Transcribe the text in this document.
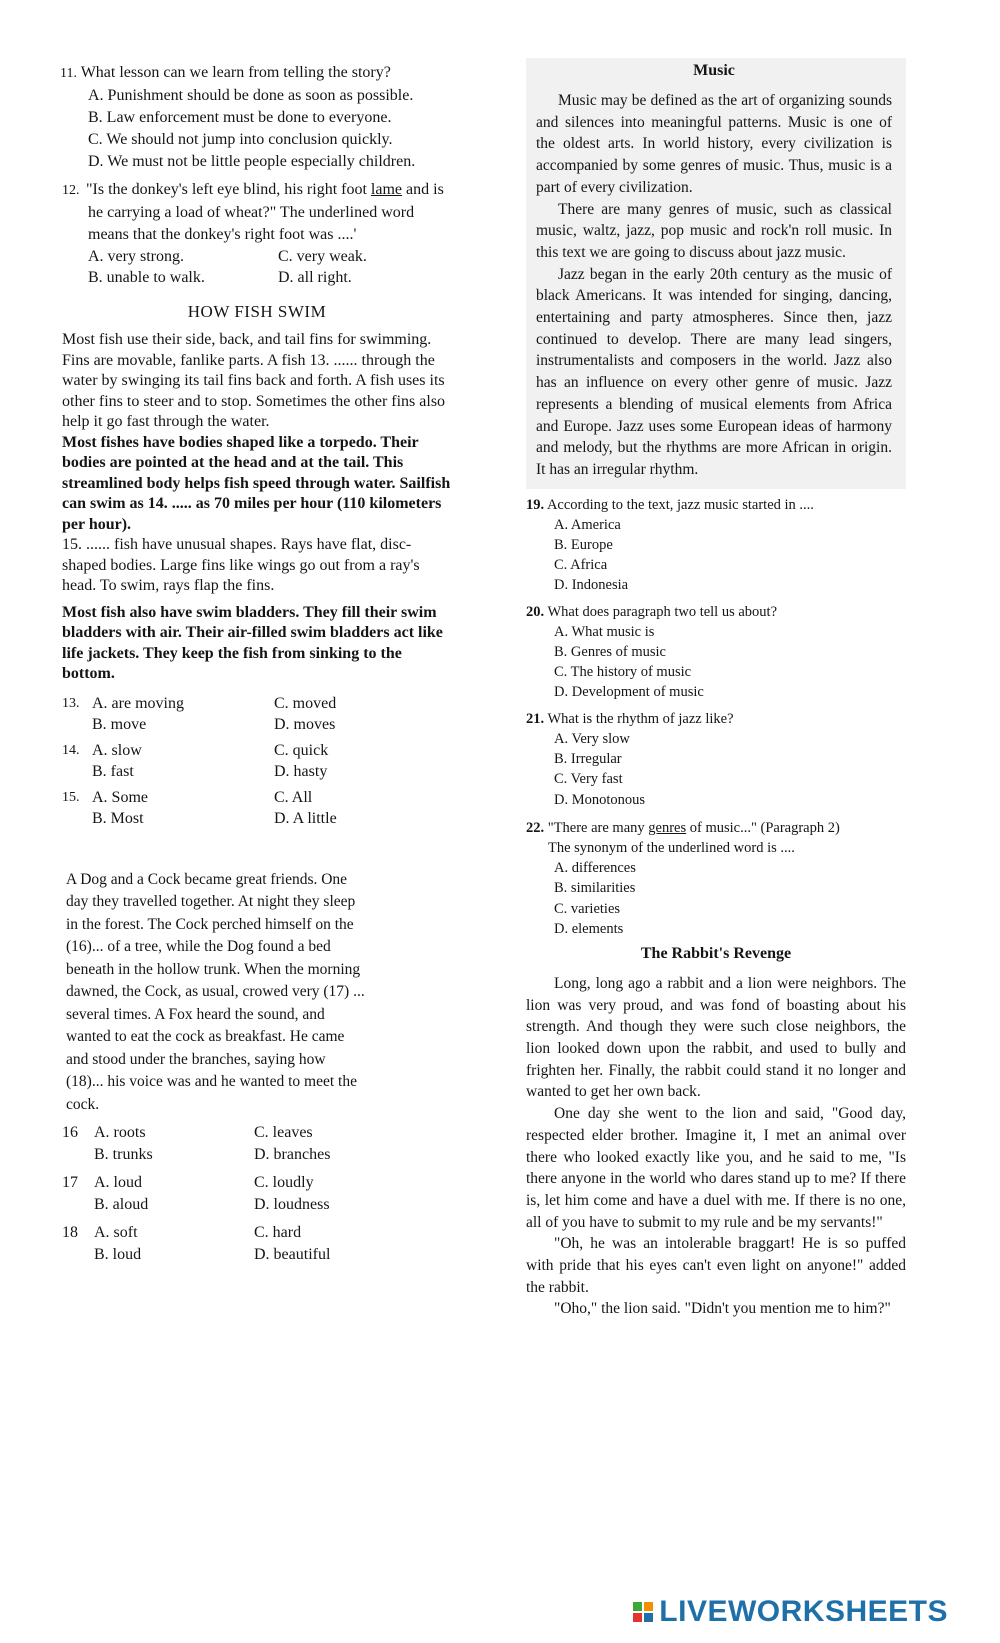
11. What lesson can we learn from telling the story?

A. Punishment should be done as soon as possible.

B. Law enforcement must be done to everyone.

C. We should not jump into conclusion quickly.

D. We must not be little people especially children.

12. "Is the donkey's left eye blind, his right foot lame and is he carrying a load of wheat?" The underlined word means that the donkey's right foot was ....'

A. very strong.	C. very weak.
B. unable to walk.	D. all right.

HOW FISH SWIM

Most fish use their side, back, and tail fins for swimming. Fins are movable, fanlike parts. A fish 13. ...... through the water by swinging its tail fins back and forth. A fish uses its other fins to steer and to stop. Sometimes the other fins also help it go fast through the water.

Most fishes have bodies shaped like a torpedo. Their bodies are pointed at the head and at the tail. This streamlined body helps fish speed through water. Sailfish can swim as 14. ..... as 70 miles per hour (110 kilometers per hour).

15. ...... fish have unusual shapes. Rays have flat, disc-shaped bodies. Large fins like wings go out from a ray's head. To swim, rays flap the fins.

Most fish also have swim bladders. They fill their swim bladders with air. Their air-filled swim bladders act like life jackets. They keep the fish from sinking to the bottom.

13. A. are moving	C. moved
B. move	D. moves
14. A. slow	C. quick
B. fast	D. hasty
15. A. Some	C. All
B. Most	D. A little

A Dog and a Cock became great friends. One day they travelled together. At night they sleep in the forest. The Cock perched himself on the (16)... of a tree, while the Dog found a bed beneath in the hollow trunk. When the morning dawned, the Cock, as usual, crowed very (17) ... several times. A Fox heard the sound, and wanted to eat the cock as breakfast. He came and stood under the branches, saying how (18)... his voice was and he wanted to meet the cock.

16	A. roots	C. leaves
B. trunks	D. branches
17	A. loud	C. loudly
B. aloud	D. loudness
18	A. soft	C. hard
B. loud	D. beautiful

Music

Music may be defined as the art of organizing sounds and silences into meaningful patterns. Music is one of the oldest arts. In world history, every civilization is accompanied by some genres of music. Thus, music is a part of every civilization.

There are many genres of music, such as classical music, waltz, jazz, pop music and rock'n roll music. In this text we are going to discuss about jazz music.

Jazz began in the early 20th century as the music of black Americans. It was intended for singing, dancing, entertaining and party atmospheres. Since then, jazz continued to develop. There are many lead singers, instrumentalists and composers in the world. Jazz also has an influence on every other genre of music. Jazz represents a blending of musical elements from Africa and Europe. Jazz uses some European ideas of harmony and melody, but the rhythms are more African in origin. It has an irregular rhythm.

19. According to the text, jazz music started in ....

A. America

B. Europe

C. Africa

D. Indonesia

20. What does paragraph two tell us about?

A. What music is

B. Genres of music

C. The history of music

D. Development of music

21. What is the rhythm of jazz like?

A. Very slow

B. Irregular

C. Very fast

D. Monotonous

22. "There are many genres of music..." (Paragraph 2)

The synonym of the underlined word is ....

A. differences

B. similarities

C. varieties

D. elements

The Rabbit's Revenge

Long, long ago a rabbit and a lion were neighbors. The lion was very proud, and was fond of boasting about his strength. And though they were such close neighbors, the lion looked down upon the rabbit, and used to bully and frighten her. Finally, the rabbit could stand it no longer and wanted to get her own back.

One day she went to the lion and said, "Good day, respected elder brother. Imagine it, I met an animal over there who looked exactly like you, and he said to me, "Is there anyone in the world who dares stand up to me? If there is, let him come and have a duel with me. If there is no one, all of you have to submit to my rule and be my servants!"

"Oh, he was an intolerable braggart! He is so puffed with pride that his eyes can't even light on anyone!" added the rabbit.

"Oho," the lion said. "Didn't you mention me to him?"

LIVEWORKSHEETS
